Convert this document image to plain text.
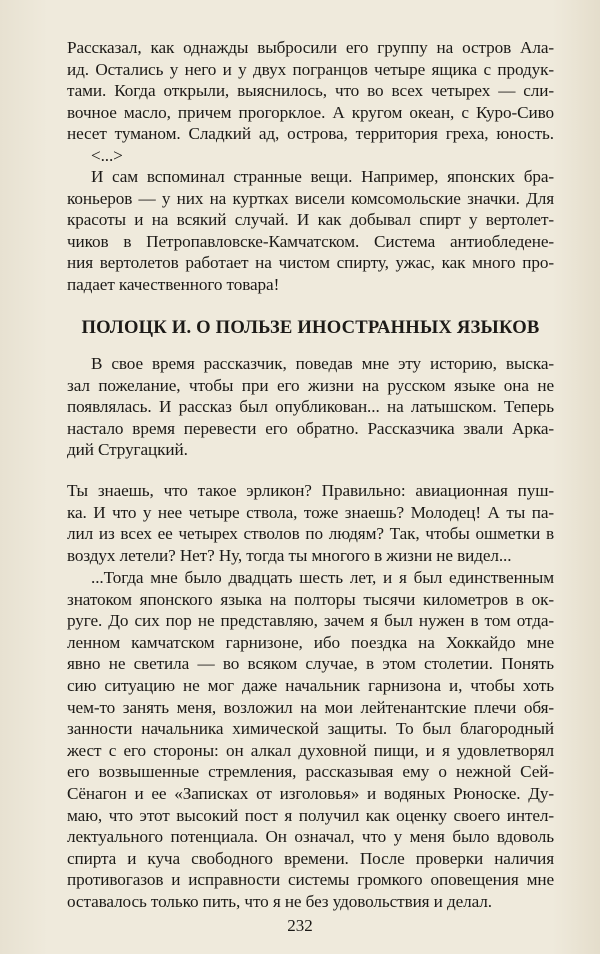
Рассказал, как однажды выбросили его группу на остров Ала-
ид. Остались у него и у двух погранцов четыре ящика с продук-
тами. Когда открыли, выяснилось, что во всех четырех — сли-
вочное масло, причем прогорклое. А кругом океан, с Куро-Сиво
несет туманом. Сладкий ад, острова, территория греха, юность.
<...>
И сам вспоминал странные вещи. Например, японских бра-
коньеров — у них на куртках висели комсомольские значки. Для
красоты и на всякий случай. И как добывал спирт у вертолет-
чиков в Петропавловске-Камчатском. Система антиобледене-
ния вертолетов работает на чистом спирту, ужас, как много про-
падает качественного товара!
ПОЛОЦК И. О ПОЛЬЗЕ ИНОСТРАННЫХ ЯЗЫКОВ
В свое время рассказчик, поведав мне эту историю, выска-
зал пожелание, чтобы при его жизни на русском языке она не
появлялась. И рассказ был опубликован... на латышском. Теперь
настало время перевести его обратно. Рассказчика звали Арка-
дий Стругацкий.
Ты знаешь, что такое эрликон? Правильно: авиационная пуш-
ка. И что у нее четыре ствола, тоже знаешь? Молодец! А ты па-
лил из всех ее четырех стволов по людям? Так, чтобы ошметки в
воздух летели? Нет? Ну, тогда ты многого в жизни не видел...
...Тогда мне было двадцать шесть лет, и я был единственным
знатоком японского языка на полторы тысячи километров в ок-
руге. До сих пор не представляю, зачем я был нужен в том отда-
ленном камчатском гарнизоне, ибо поездка на Хоккайдо мне
явно не светила — во всяком случае, в этом столетии. Понять
сию ситуацию не мог даже начальник гарнизона и, чтобы хоть
чем-то занять меня, возложил на мои лейтенантские плечи обя-
занности начальника химической защиты. То был благородный
жест с его стороны: он алкал духовной пищи, и я удовлетворял
его возвышенные стремления, рассказывая ему о нежной Сей-
Сёнагон и ее «Записках от изголовья» и водяных Рюноске. Ду-
маю, что этот высокий пост я получил как оценку своего интел-
лектуального потенциала. Он означал, что у меня было вдоволь
спирта и куча свободного времени. После проверки наличия
противогазов и исправности системы громкого оповещения мне
оставалось только пить, что я не без удовольствия и делал.
232
